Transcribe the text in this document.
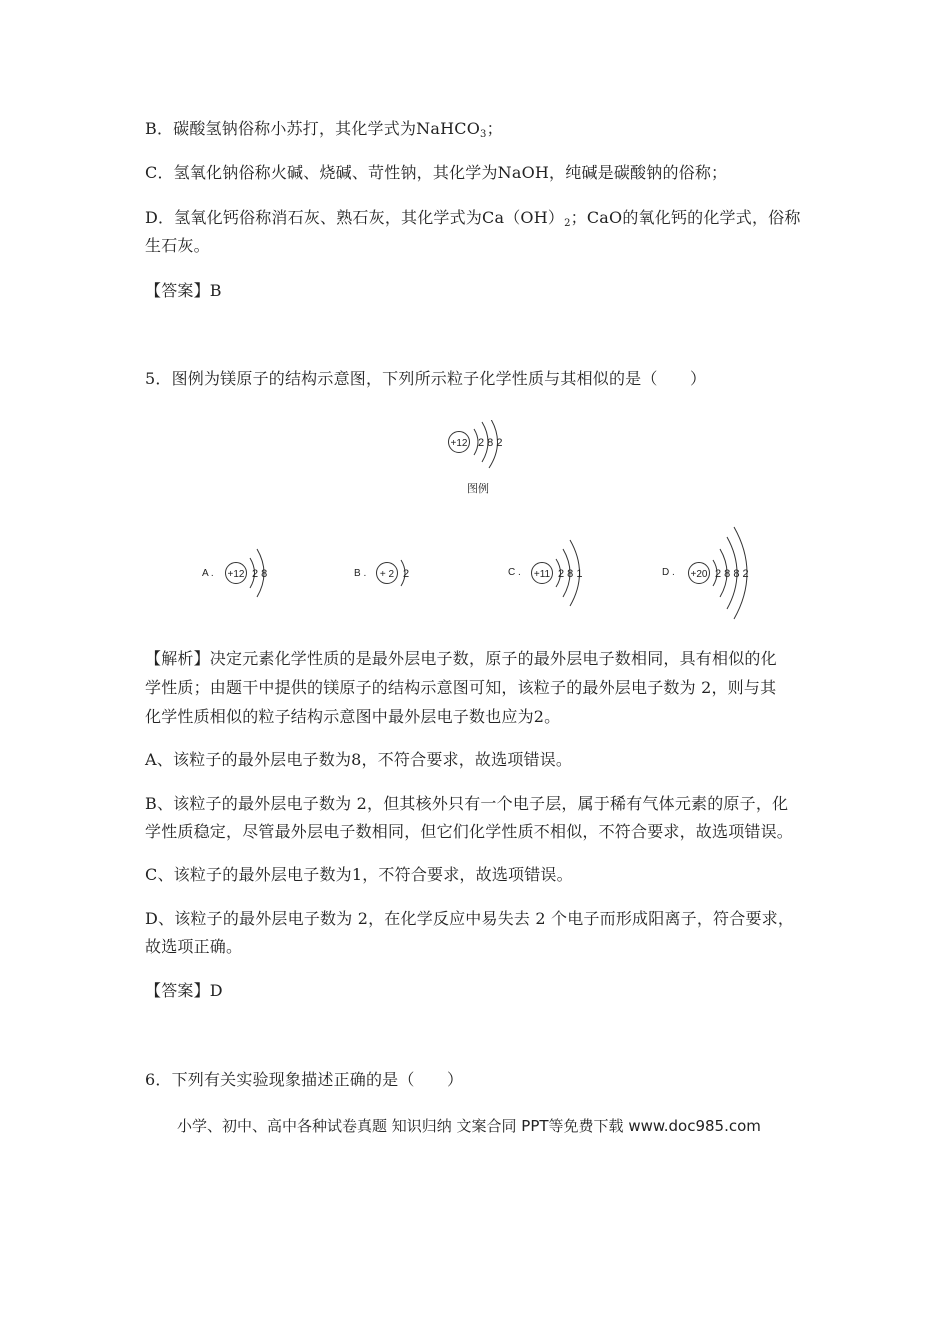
B．碳酸氢钠俗称小苏打，其化学式为NaHCO$_3$；
C．氢氧化钠俗称火碱、烧碱、苛性钠，其化学为NaOH，纯碱是碳酸钠的俗称；
D．氢氧化钙俗称消石灰、熟石灰，其化学式为$Ca(OH)_2$；CaO的氧化钙的化学式，俗称
生石灰。
【答案】B
5．图例为镁原子的结构示意图，下列所示粒子化学性质与其相似的是（　　）
+12 2 8 2
图例
A . +12 2 8	B . + 2 2	C . +11 2 8 1	D . +20 2 8 8 2
【解析】决定元素化学性质的是最外层电子数，原子的最外层电子数相同，具有相似的化
学性质；由题干中提供的镁原子的结构示意图可知，该粒子的最外层电子数为 2，则与其
化学性质相似的粒子结构示意图中最外层电子数也应为2。
A、该粒子的最外层电子数为8，不符合要求，故选项错误。
B、该粒子的最外层电子数为 2，但其核外只有一个电子层，属于稀有气体元素的原子，化
学性质稳定，尽管最外层电子数相同，但它们化学性质不相似，不符合要求，故选项错误。
C、该粒子的最外层电子数为1，不符合要求，故选项错误。
D、该粒子的最外层电子数为 2，在化学反应中易失去 2 个电子而形成阳离子，符合要求，
故选项正确。
【答案】D
6．下列有关实验现象描述正确的是（　　）
小学、初中、高中各种试卷真题 知识归纳 文案合同 PPT等免费下载 www.doc985.com
